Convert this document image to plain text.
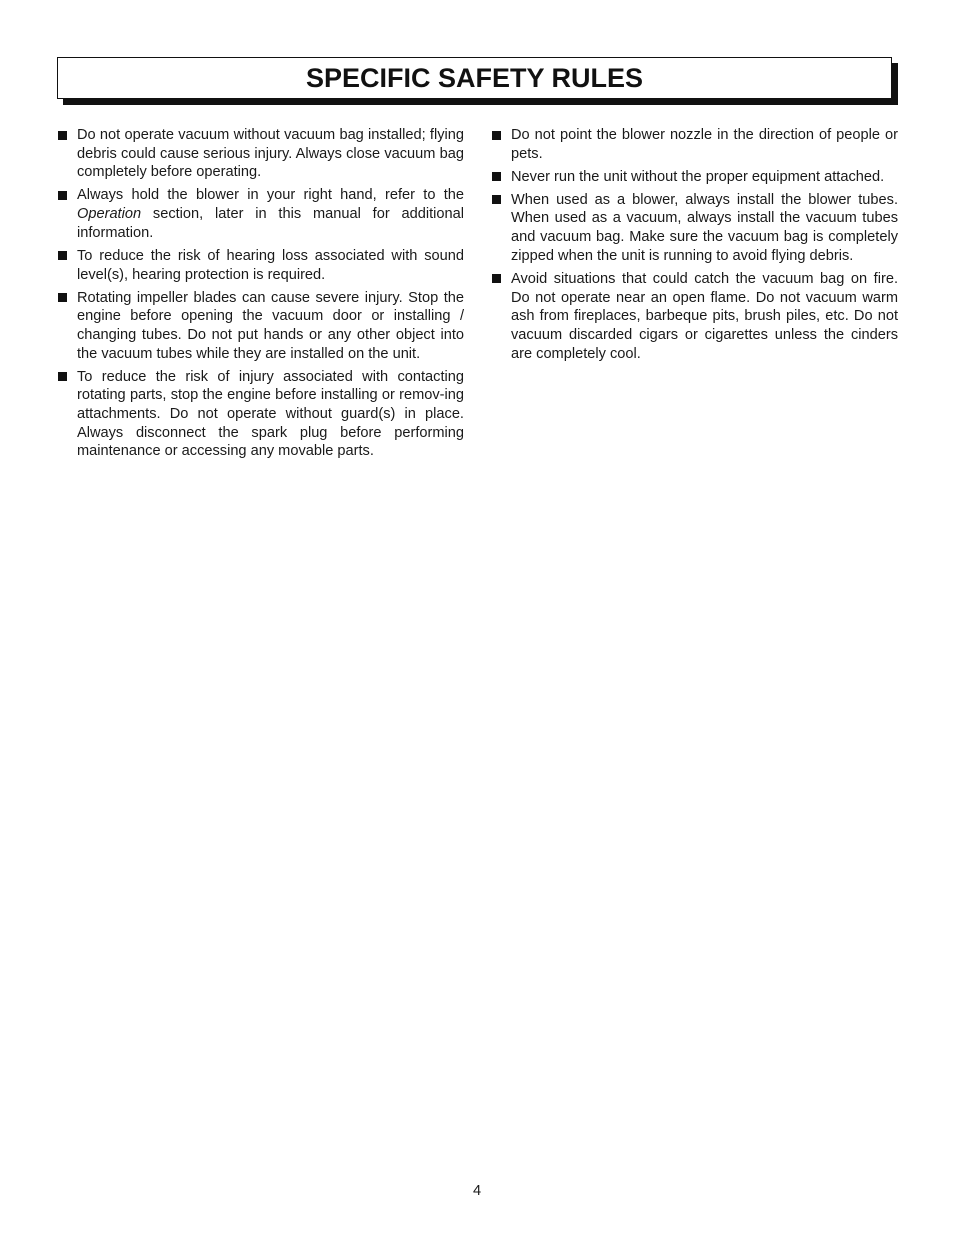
SPECIFIC SAFETY RULES
Do not operate vacuum without vacuum bag installed; flying debris could cause serious injury. Always close vacuum bag completely before operating.
Always hold the blower in your right hand, refer to the Operation section, later in this manual for additional information.
To reduce the risk of hearing loss associated with sound level(s), hearing protection is required.
Rotating impeller blades can cause severe injury. Stop the engine before opening the vacuum door or installing / changing tubes. Do not put hands or any other object into the vacuum tubes while they are installed on the unit.
To reduce the risk of injury associated with contacting rotating parts, stop the engine before installing or remov-ing attachments. Do not operate without guard(s) in place. Always disconnect the spark plug before performing maintenance or accessing any movable parts.
Do not point the blower nozzle in the direction of people or pets.
Never run the unit without the proper equipment attached.
When used as a blower, always install the blower tubes. When used as a vacuum, always install the vacuum tubes and vacuum bag. Make sure the vacuum bag is completely zipped when the unit is running to avoid flying debris.
Avoid situations that could catch the vacuum bag on fire. Do not operate near an open flame. Do not vacuum warm ash from fireplaces, barbeque pits, brush piles, etc. Do not vacuum discarded cigars or cigarettes unless the cinders are completely cool.
4
